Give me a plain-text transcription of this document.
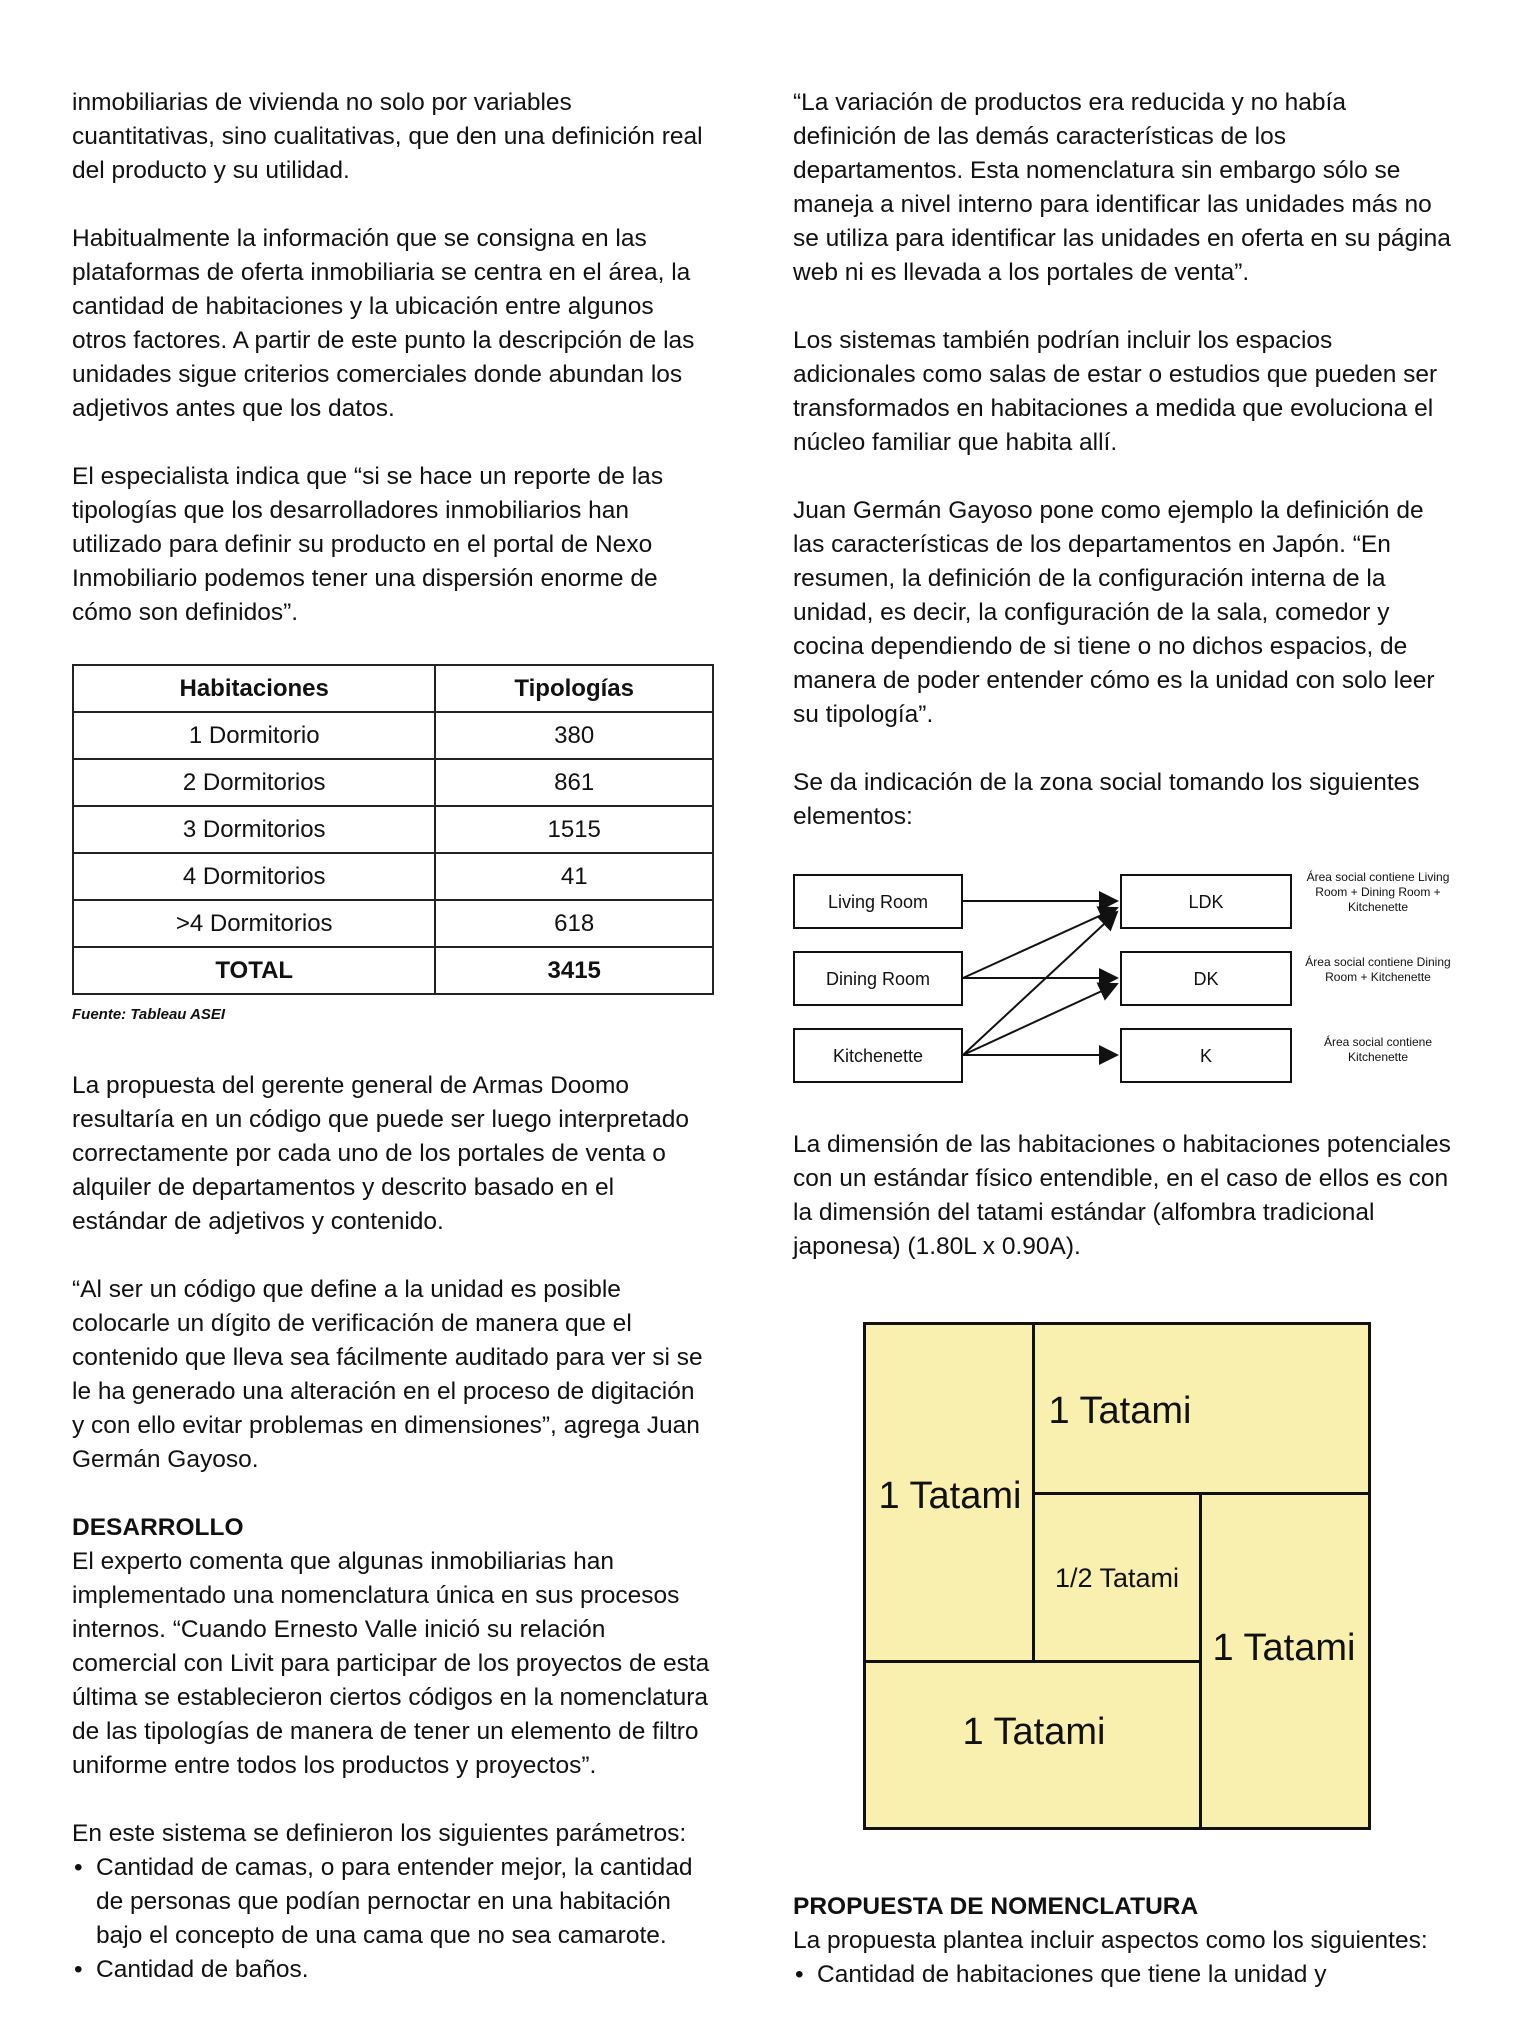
inmobiliarias de vivienda no solo por variables cuantitativas, sino cualitativas, que den una definición real del producto y su utilidad.

Habitualmente la información que se consigna en las plataformas de oferta inmobiliaria se centra en el área, la cantidad de habitaciones y la ubicación entre algunos otros factores. A partir de este punto la descripción de las unidades sigue criterios comerciales donde abundan los adjetivos antes que los datos.

El especialista indica que “si se hace un reporte de las tipologías que los desarrolladores inmobiliarios han utilizado para definir su producto en el portal de Nexo Inmobiliario podemos tener una dispersión enorme de cómo son definidos”.

Habitaciones	Tipologías
1 Dormitorio	380
2 Dormitorios	861
3 Dormitorios	1515
4 Dormitorios	41
>4 Dormitorios	618
TOTAL	3415
Fuente: Tableau ASEI

La propuesta del gerente general de Armas Doomo resultaría en un código que puede ser luego interpretado correctamente por cada uno de los portales de venta o alquiler de departamentos y descrito basado en el estándar de adjetivos y contenido.

“Al ser un código que define a la unidad es posible colocarle un dígito de verificación de manera que el contenido que lleva sea fácilmente auditado para ver si se le ha generado una alteración en el proceso de digitación y con ello evitar problemas en dimensiones”, agrega Juan Germán Gayoso.

DESARROLLO

El experto comenta que algunas inmobiliarias han implementado una nomenclatura única en sus procesos internos. “Cuando Ernesto Valle inició su relación comercial con Livit para participar de los proyectos de esta última se establecieron ciertos códigos en la nomenclatura de las tipologías de manera de tener un elemento de filtro uniforme entre todos los productos y proyectos”.

En este sistema se definieron los siguientes parámetros:

• Cantidad de camas, o para entender mejor, la cantidad de personas que podían pernoctar en una habitación bajo el concepto de una cama que no sea camarote.
• Cantidad de baños.

“La variación de productos era reducida y no había definición de las demás características de los departamentos. Esta nomenclatura sin embargo sólo se maneja a nivel interno para identificar las unidades más no se utiliza para identificar las unidades en oferta en su página web ni es llevada a los portales de venta”.

Los sistemas también podrían incluir los espacios adicionales como salas de estar o estudios que pueden ser transformados en habitaciones a medida que evoluciona el núcleo familiar que habita allí.

Juan Germán Gayoso pone como ejemplo la definición de las características de los departamentos en Japón. “En resumen, la definición de la configuración interna de la unidad, es decir, la configuración de la sala, comedor y cocina dependiendo de si tiene o no dichos espacios, de manera de poder entender cómo es la unidad con solo leer su tipología”.

Se da indicación de la zona social tomando los siguientes elementos:

Living Room
Dining Room
Kitchenette
LDK
DK
K
Área social contiene Living Room + Dining Room + Kitchenette
Área social contiene Dining Room + Kitchenette
Área social contiene Kitchenette

La dimensión de las habitaciones o habitaciones potenciales con un estándar físico entendible, en el caso de ellos es con la dimensión del tatami estándar (alfombra tradicional japonesa) (1.80L x 0.90A).

1 Tatami
1 Tatami
1/2 Tatami
1 Tatami
1 Tatami
PROPUESTA DE NOMENCLATURA

La propuesta plantea incluir aspectos como los siguientes:

• Cantidad de habitaciones que tiene la unidad y
